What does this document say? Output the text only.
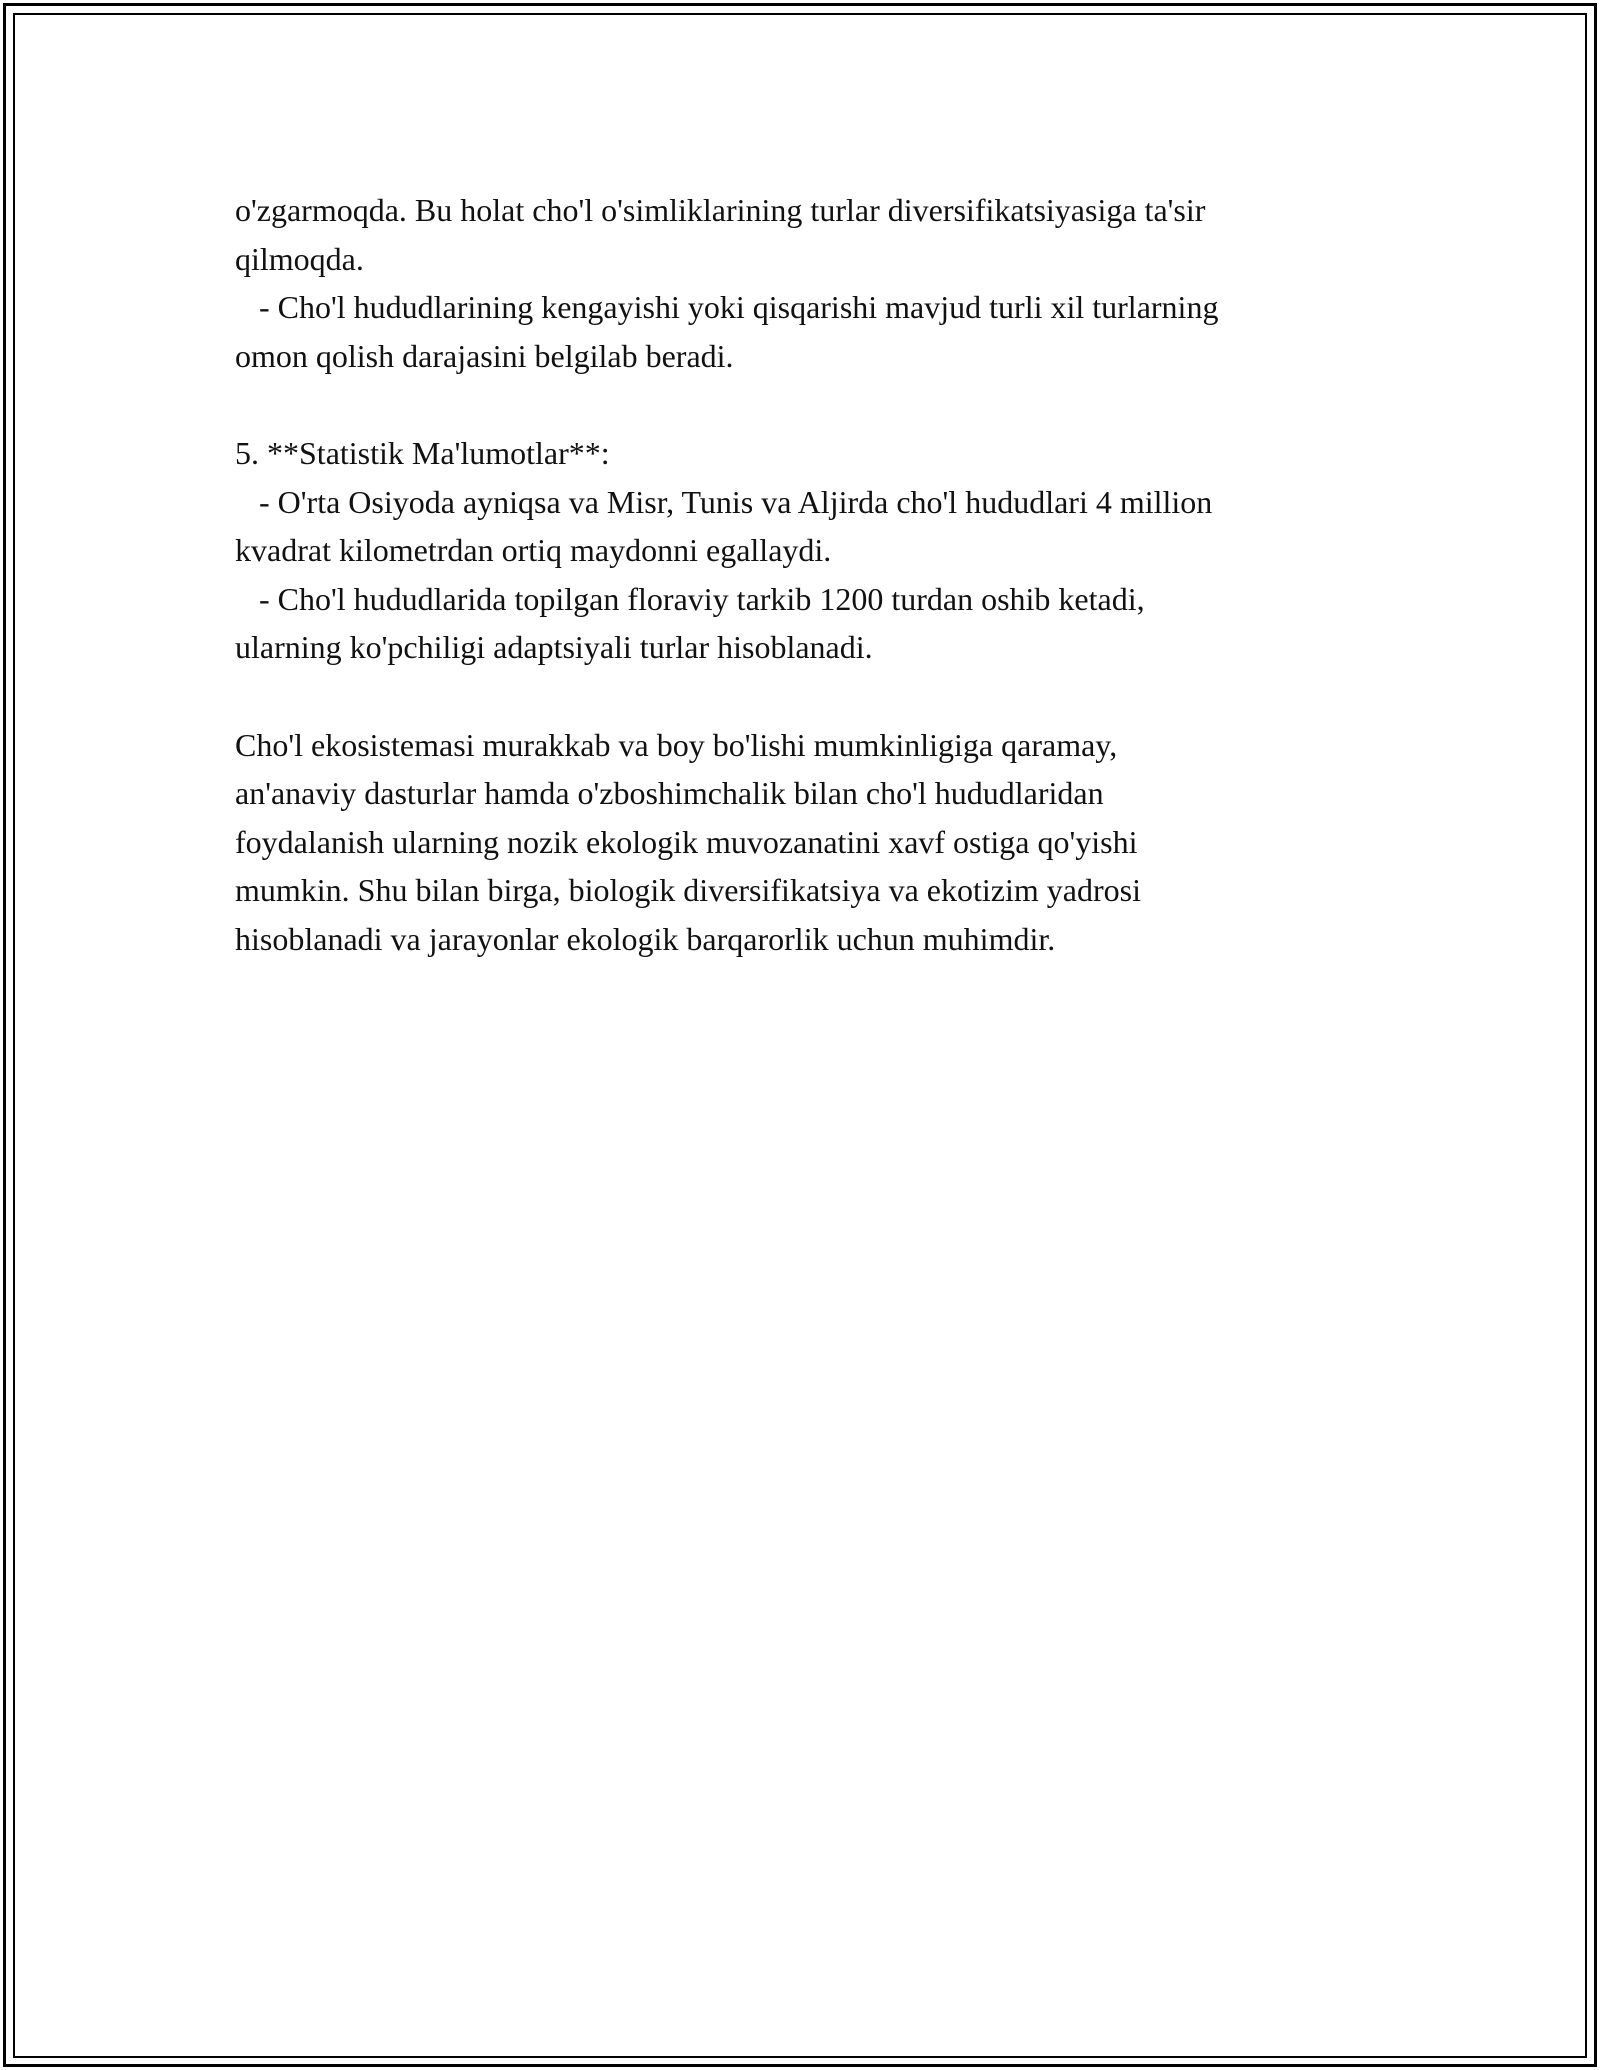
o'zgarmoqda. Bu holat cho'l o'simliklarining turlar diversifikatsiyasiga ta'sir
qilmoqda.
- Cho'l hududlarining kengayishi yoki qisqarishi mavjud turli xil turlarning
omon qolish darajasini belgilab beradi.
5. **Statistik Ma'lumotlar**:
- O'rta Osiyoda ayniqsa va Misr, Tunis va Aljirda cho'l hududlari 4 million
kvadrat kilometrdan ortiq maydonni egallaydi.
- Cho'l hududlarida topilgan floraviy tarkib 1200 turdan oshib ketadi,
ularning ko'pchiligi adaptsiyali turlar hisoblanadi.
Cho'l ekosistemasi murakkab va boy bo'lishi mumkinligiga qaramay,
an'anaviy dasturlar hamda o'zboshimchalik bilan cho'l hududlaridan
foydalanish ularning nozik ekologik muvozanatini xavf ostiga qo'yishi
mumkin. Shu bilan birga, biologik diversifikatsiya va ekotizim yadrosi
hisoblanadi va jarayonlar ekologik barqarorlik uchun muhimdir.
